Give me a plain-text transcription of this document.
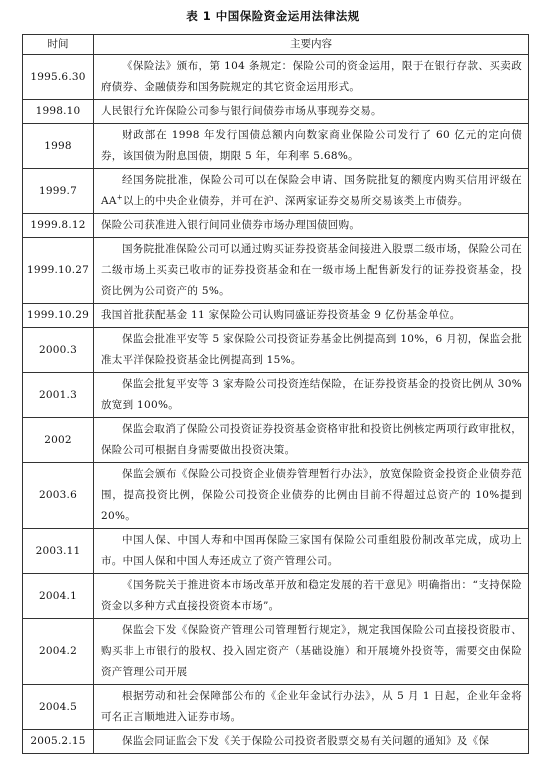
表 1 中国保险资金运用法律法规
时间	主要内容
1995.6.30	《保险法》颁布，第 104 条规定：保险公司的资金运用，限于在银行存款、买卖政府债券、金融债券和国务院规定的其它资金运用形式。

1998.10	人民银行允许保险公司参与银行间债券市场从事现券交易。

1998	财政部在 1998 年发行国债总额内向数家商业保险公司发行了 60 亿元的定向债券，该国债为附息国债，期限 5 年，年利率 5.68%。

1999.7	经国务院批准，保险公司可以在保险会申请、国务院批复的额度内购买信用评级在 AA+以上的中央企业债券，并可在沪、深两家证券交易所交易该类上市债券。

1999.8.12	保险公司获准进入银行间同业债券市场办理国债回购。

1999.10.27	国务院批准保险公司可以通过购买证券投资基金间接进入股票二级市场，保险公司在二级市场上买卖已收市的证券投资基金和在一级市场上配售新发行的证券投资基金，投资比例为公司资产的 5%。

1999.10.29	我国首批获配基金 11 家保险公司认购同盛证券投资基金 9 亿份基金单位。

2000.3	保监会批准平安等 5 家保险公司投资证券基金比例提高到 10%，6 月初，保监会批准太平洋保险投资基金比例提高到 15%。

2001.3	保监会批复平安等 3 家寿险公司投资连结保险，在证券投资基金的投资比例从 30%放宽到 100%。

2002	保监会取消了保险公司投资证券投资基金资格审批和投资比例核定两项行政审批权，保险公司可根据自身需要做出投资决策。

2003.6	保监会颁布《保险公司投资企业债券管理暂行办法》，放宽保险资金投资企业债券范围，提高投资比例，保险公司投资企业债券的比例由目前不得超过总资产的 10%提到 20%。

2003.11	中国人保、中国人寿和中国再保险三家国有保险公司重组股份制改革完成，成功上市。中国人保和中国人寿还成立了资产管理公司。

2004.1	《国务院关于推进资本市场改革开放和稳定发展的若干意见》明确指出：“支持保险资金以多种方式直接投资资本市场”。

2004.2	保监会下发《保险资产管理公司管理暂行规定》，规定我国保险公司直接投资股市、购买非上市银行的股权、投入固定资产（基础设施）和开展境外投资等，需要交由保险资产管理公司开展

2004.5	根据劳动和社会保障部公布的《企业年金试行办法》，从 5 月 1 日起，企业年金将可名正言顺地进入证券市场。

2005.2.15	保监会同证监会下发《关于保险公司投资者股票交易有关问题的通知》及《保
